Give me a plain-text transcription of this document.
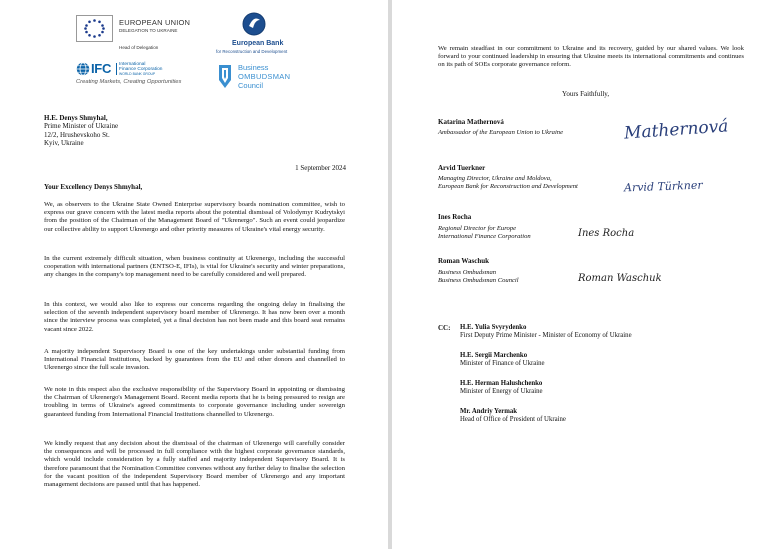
EUROPEAN UNION
DELEGATION TO UKRAINE
Head of Delegation
European Bank
for Reconstruction and Development
IFC International
Finance Corporation
WORLD BANK GROUP
Creating Markets, Creating Opportunities
Business
OMBUDSMAN
Council
H.E. Denys Shmyhal,
Prime Minister of Ukraine
12/2, Hrushevskoho St.
Kyiv, Ukraine
1 September 2024
Your Excellency Denys Shmyhal,
We, as observers to the Ukraine State Owned Enterprise supervisory boards nomination committee, wish to express our grave concern with the latest media reports about the potential dismissal of Volodymyr Kudrytskyi from the position of the Chairman of the Management Board of "Ukrenergo". Such an event could jeopardize our collective ability to support Ukrenergo and other priority measures of Ukraine's vital energy security.
In the current extremely difficult situation, when business continuity at Ukrenergo, including the successful cooperation with international partners (ENTSO-E, IFIs), is vital for Ukraine's security and winter preparations, any changes in the company's top management need to be carefully considered and well prepared.
In this context, we would also like to express our concerns regarding the ongoing delay in finalising the selection of the seventh independent supervisory board member of Ukrenergo. It has now been over a month since the interview process was completed, yet a final decision has not been made and this board seat remains vacant since 2022.
A majority independent Supervisory Board is one of the key undertakings under substantial funding from International Financial Institutions, backed by guarantees from the EU and other donors and channelled to Ukrenergo since the full scale invasion.
We note in this respect also the exclusive responsibility of the Supervisory Board in appointing or dismissing the Chairman of Ukrenergo's Management Board. Recent media reports that he is being pressured to resign are troubling in terms of Ukraine's agreed commitments to corporate governance including under sovereign guaranteed funding from International Financial Institutions channelled to Ukrenergo.
We kindly request that any decision about the dismissal of the chairman of Ukrenergo will carefully consider the consequences and will be processed in full compliance with the highest corporate governance standards, which would include consideration by a fully staffed and majority independent Supervisory Board. It is therefore paramount that the Nomination Committee convenes without any further delay to finalise the selection for the vacant position of the independent Supervisory Board member of Ukrenergo and any important management decisions are paused until that has happened.
We remain steadfast in our commitment to Ukraine and its recovery, guided by our shared values. We look forward to your continued leadership in ensuring that Ukraine meets its international commitments and continues on its path of SOEs corporate governance reform.
Yours Faithfully,
Katarina Mathernová
Ambassador of the European Union to Ukraine	Mathernová
Arvid Tuerkner
Managing Director, Ukraine and Moldova,
European Bank for Reconstruction and Development	Arvid Türkner
Ines Rocha
Regional Director for Europe
International Finance Corporation	Ines Rocha
Roman Waschuk
Business Ombudsman
Business Ombudsman Council	Roman Waschuk
CC: H.E. Yulia Svyrydenko
First Deputy Prime Minister - Minister of Economy of Ukraine
H.E. Sergii Marchenko
Minister of Finance of Ukraine
H.E. Herman Halushchenko
Minister of Energy of Ukraine
Mr. Andriy Yermak
Head of Office of President of Ukraine
